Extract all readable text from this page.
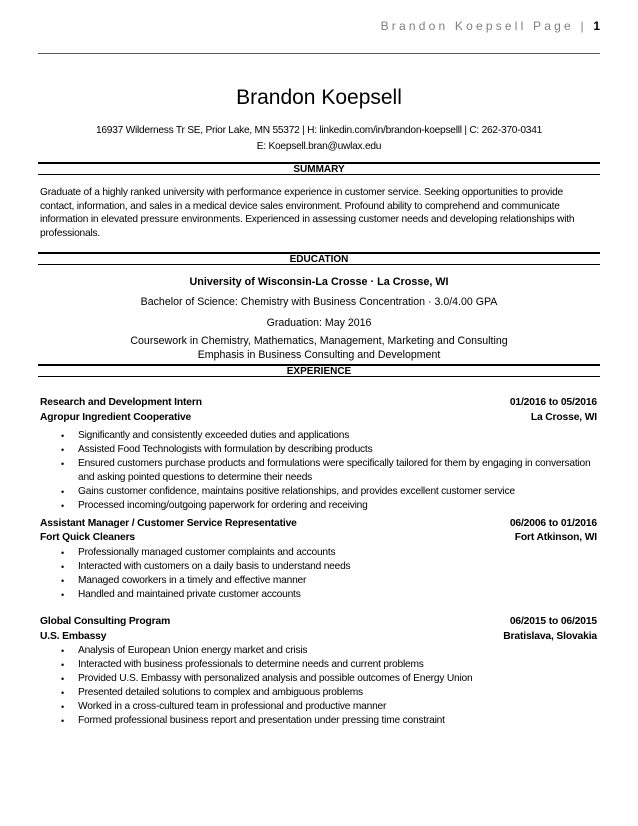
Brandon Koepsell Page | 1
Brandon Koepsell
16937 Wilderness Tr SE, Prior Lake, MN 55372 | H: linkedin.com/in/brandon-koepselll | C: 262-370-0341
E: Koepsell.bran@uwlax.edu
SUMMARY
Graduate of a highly ranked university with performance experience in customer service. Seeking opportunities to provide contact, information, and sales in a medical device sales environment. Profound ability to comprehend and communicate information in elevated pressure environments. Experienced in assessing customer needs and developing relationships with professionals.
EDUCATION
University of Wisconsin-La Crosse · La Crosse, WI
Bachelor of Science: Chemistry with Business Concentration · 3.0/4.00 GPA
Graduation: May 2016
Coursework in Chemistry, Mathematics, Management, Marketing and Consulting
Emphasis in Business Consulting and Development
EXPERIENCE
Research and Development Intern	01/2016 to 05/2016
Agropur Ingredient Cooperative	La Crosse, WI
• Significantly and consistently exceeded duties and applications
• Assisted Food Technologists with formulation by describing products
• Ensured customers purchase products and formulations were specifically tailored for them by engaging in conversation and asking pointed questions to determine their needs
• Gains customer confidence, maintains positive relationships, and provides excellent customer service
• Processed incoming/outgoing paperwork for ordering and receiving
Assistant Manager / Customer Service Representative	06/2006 to 01/2016
Fort Quick Cleaners	Fort Atkinson, WI
• Professionally managed customer complaints and accounts
• Interacted with customers on a daily basis to understand needs
• Managed coworkers in a timely and effective manner
• Handled and maintained private customer accounts
Global Consulting Program	06/2015 to 06/2015
U.S. Embassy	Bratislava, Slovakia
• Analysis of European Union energy market and crisis
• Interacted with business professionals to determine needs and current problems
• Provided U.S. Embassy with personalized analysis and possible outcomes of Energy Union
• Presented detailed solutions to complex and ambiguous problems
• Worked in a cross-cultured team in professional and productive manner
• Formed professional business report and presentation under pressing time constraint
